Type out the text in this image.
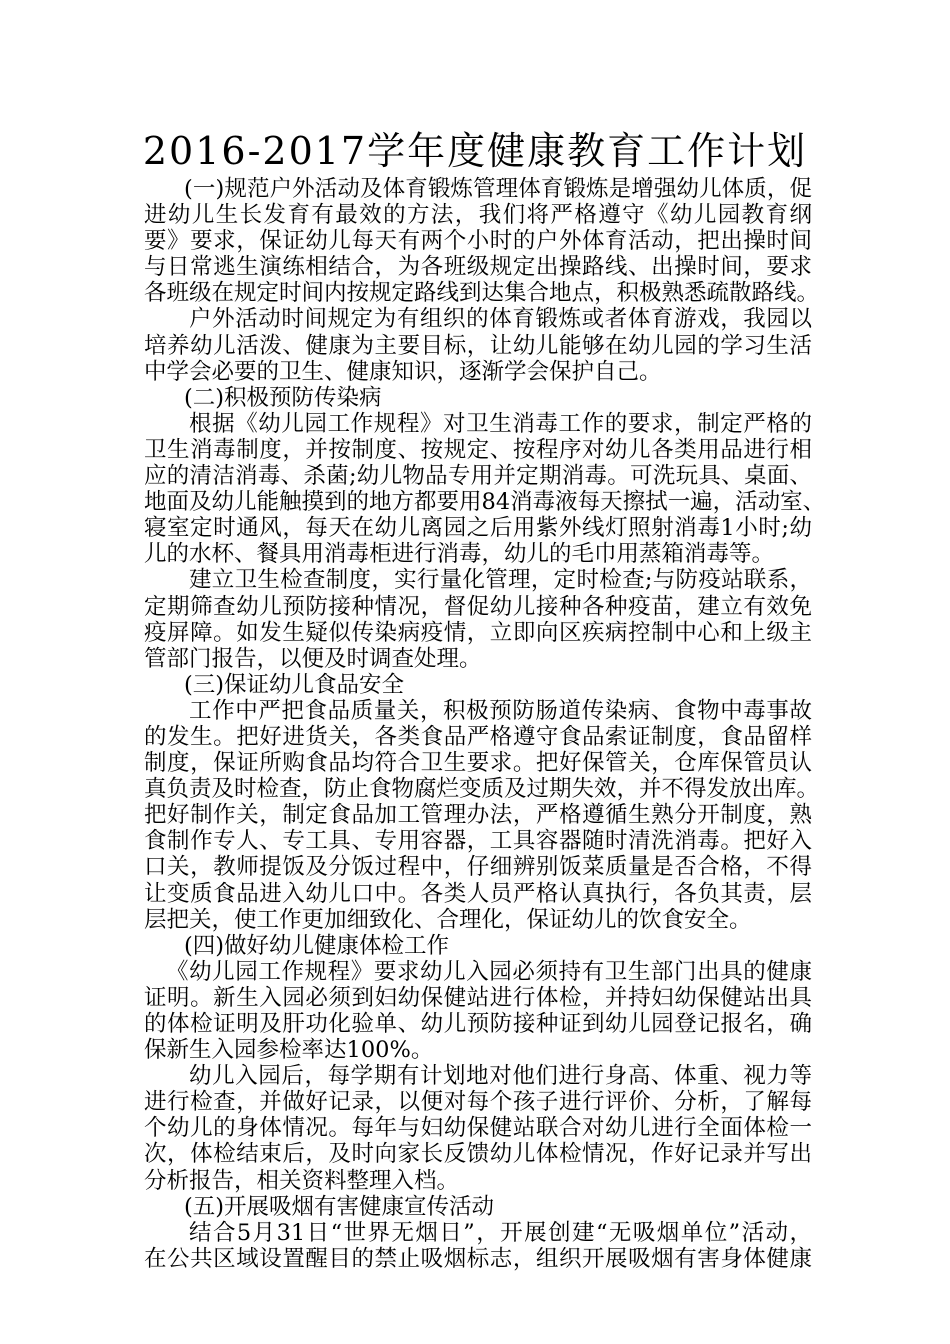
2016-2017学年度健康教育工作计划
(一)规范户外活动及体育锻炼管理体育锻炼是增强幼儿体质，促
进幼儿生长发育有最效的方法，我们将严格遵守《幼儿园教育纲
要》要求，保证幼儿每天有两个小时的户外体育活动，把出操时间
与日常逃生演练相结合，为各班级规定出操路线、出操时间，要求
各班级在规定时间内按规定路线到达集合地点，积极熟悉疏散路线。
户外活动时间规定为有组织的体育锻炼或者体育游戏，我园以
培养幼儿活泼、健康为主要目标，让幼儿能够在幼儿园的学习生活
中学会必要的卫生、健康知识，逐渐学会保护自己。
(二)积极预防传染病
根据《幼儿园工作规程》对卫生消毒工作的要求，制定严格的
卫生消毒制度，并按制度、按规定、按程序对幼儿各类用品进行相
应的清洁消毒、杀菌;幼儿物品专用并定期消毒。可洗玩具、桌面、
地面及幼儿能触摸到的地方都要用84消毒液每天擦拭一遍，活动室、
寝室定时通风，每天在幼儿离园之后用紫外线灯照射消毒1小时;幼
儿的水杯、餐具用消毒柜进行消毒，幼儿的毛巾用蒸箱消毒等。
建立卫生检查制度，实行量化管理，定时检查;与防疫站联系，
定期筛查幼儿预防接种情况，督促幼儿接种各种疫苗，建立有效免
疫屏障。如发生疑似传染病疫情，立即向区疾病控制中心和上级主
管部门报告，以便及时调查处理。
(三)保证幼儿食品安全
工作中严把食品质量关，积极预防肠道传染病、食物中毒事故
的发生。把好进货关，各类食品严格遵守食品索证制度，食品留样
制度，保证所购食品均符合卫生要求。把好保管关，仓库保管员认
真负责及时检查，防止食物腐烂变质及过期失效，并不得发放出库。
把好制作关，制定食品加工管理办法，严格遵循生熟分开制度，熟
食制作专人、专工具、专用容器，工具容器随时清洗消毒。把好入
口关，教师提饭及分饭过程中，仔细辨别饭菜质量是否合格，不得
让变质食品进入幼儿口中。各类人员严格认真执行，各负其责，层
层把关，使工作更加细致化、合理化，保证幼儿的饮食安全。
(四)做好幼儿健康体检工作
《幼儿园工作规程》要求幼儿入园必须持有卫生部门出具的健康
证明。新生入园必须到妇幼保健站进行体检，并持妇幼保健站出具
的体检证明及肝功化验单、幼儿预防接种证到幼儿园登记报名，确
保新生入园参检率达100%。
幼儿入园后，每学期有计划地对他们进行身高、体重、视力等
进行检查，并做好记录，以便对每个孩子进行评价、分析，了解每
个幼儿的身体情况。每年与妇幼保健站联合对幼儿进行全面体检一
次，体检结束后，及时向家长反馈幼儿体检情况，作好记录并写出
分析报告，相关资料整理入档。
(五)开展吸烟有害健康宣传活动
结合5月31日“世界无烟日”，开展创建“无吸烟单位”活动，
在公共区域设置醒目的禁止吸烟标志，组织开展吸烟有害身体健康
